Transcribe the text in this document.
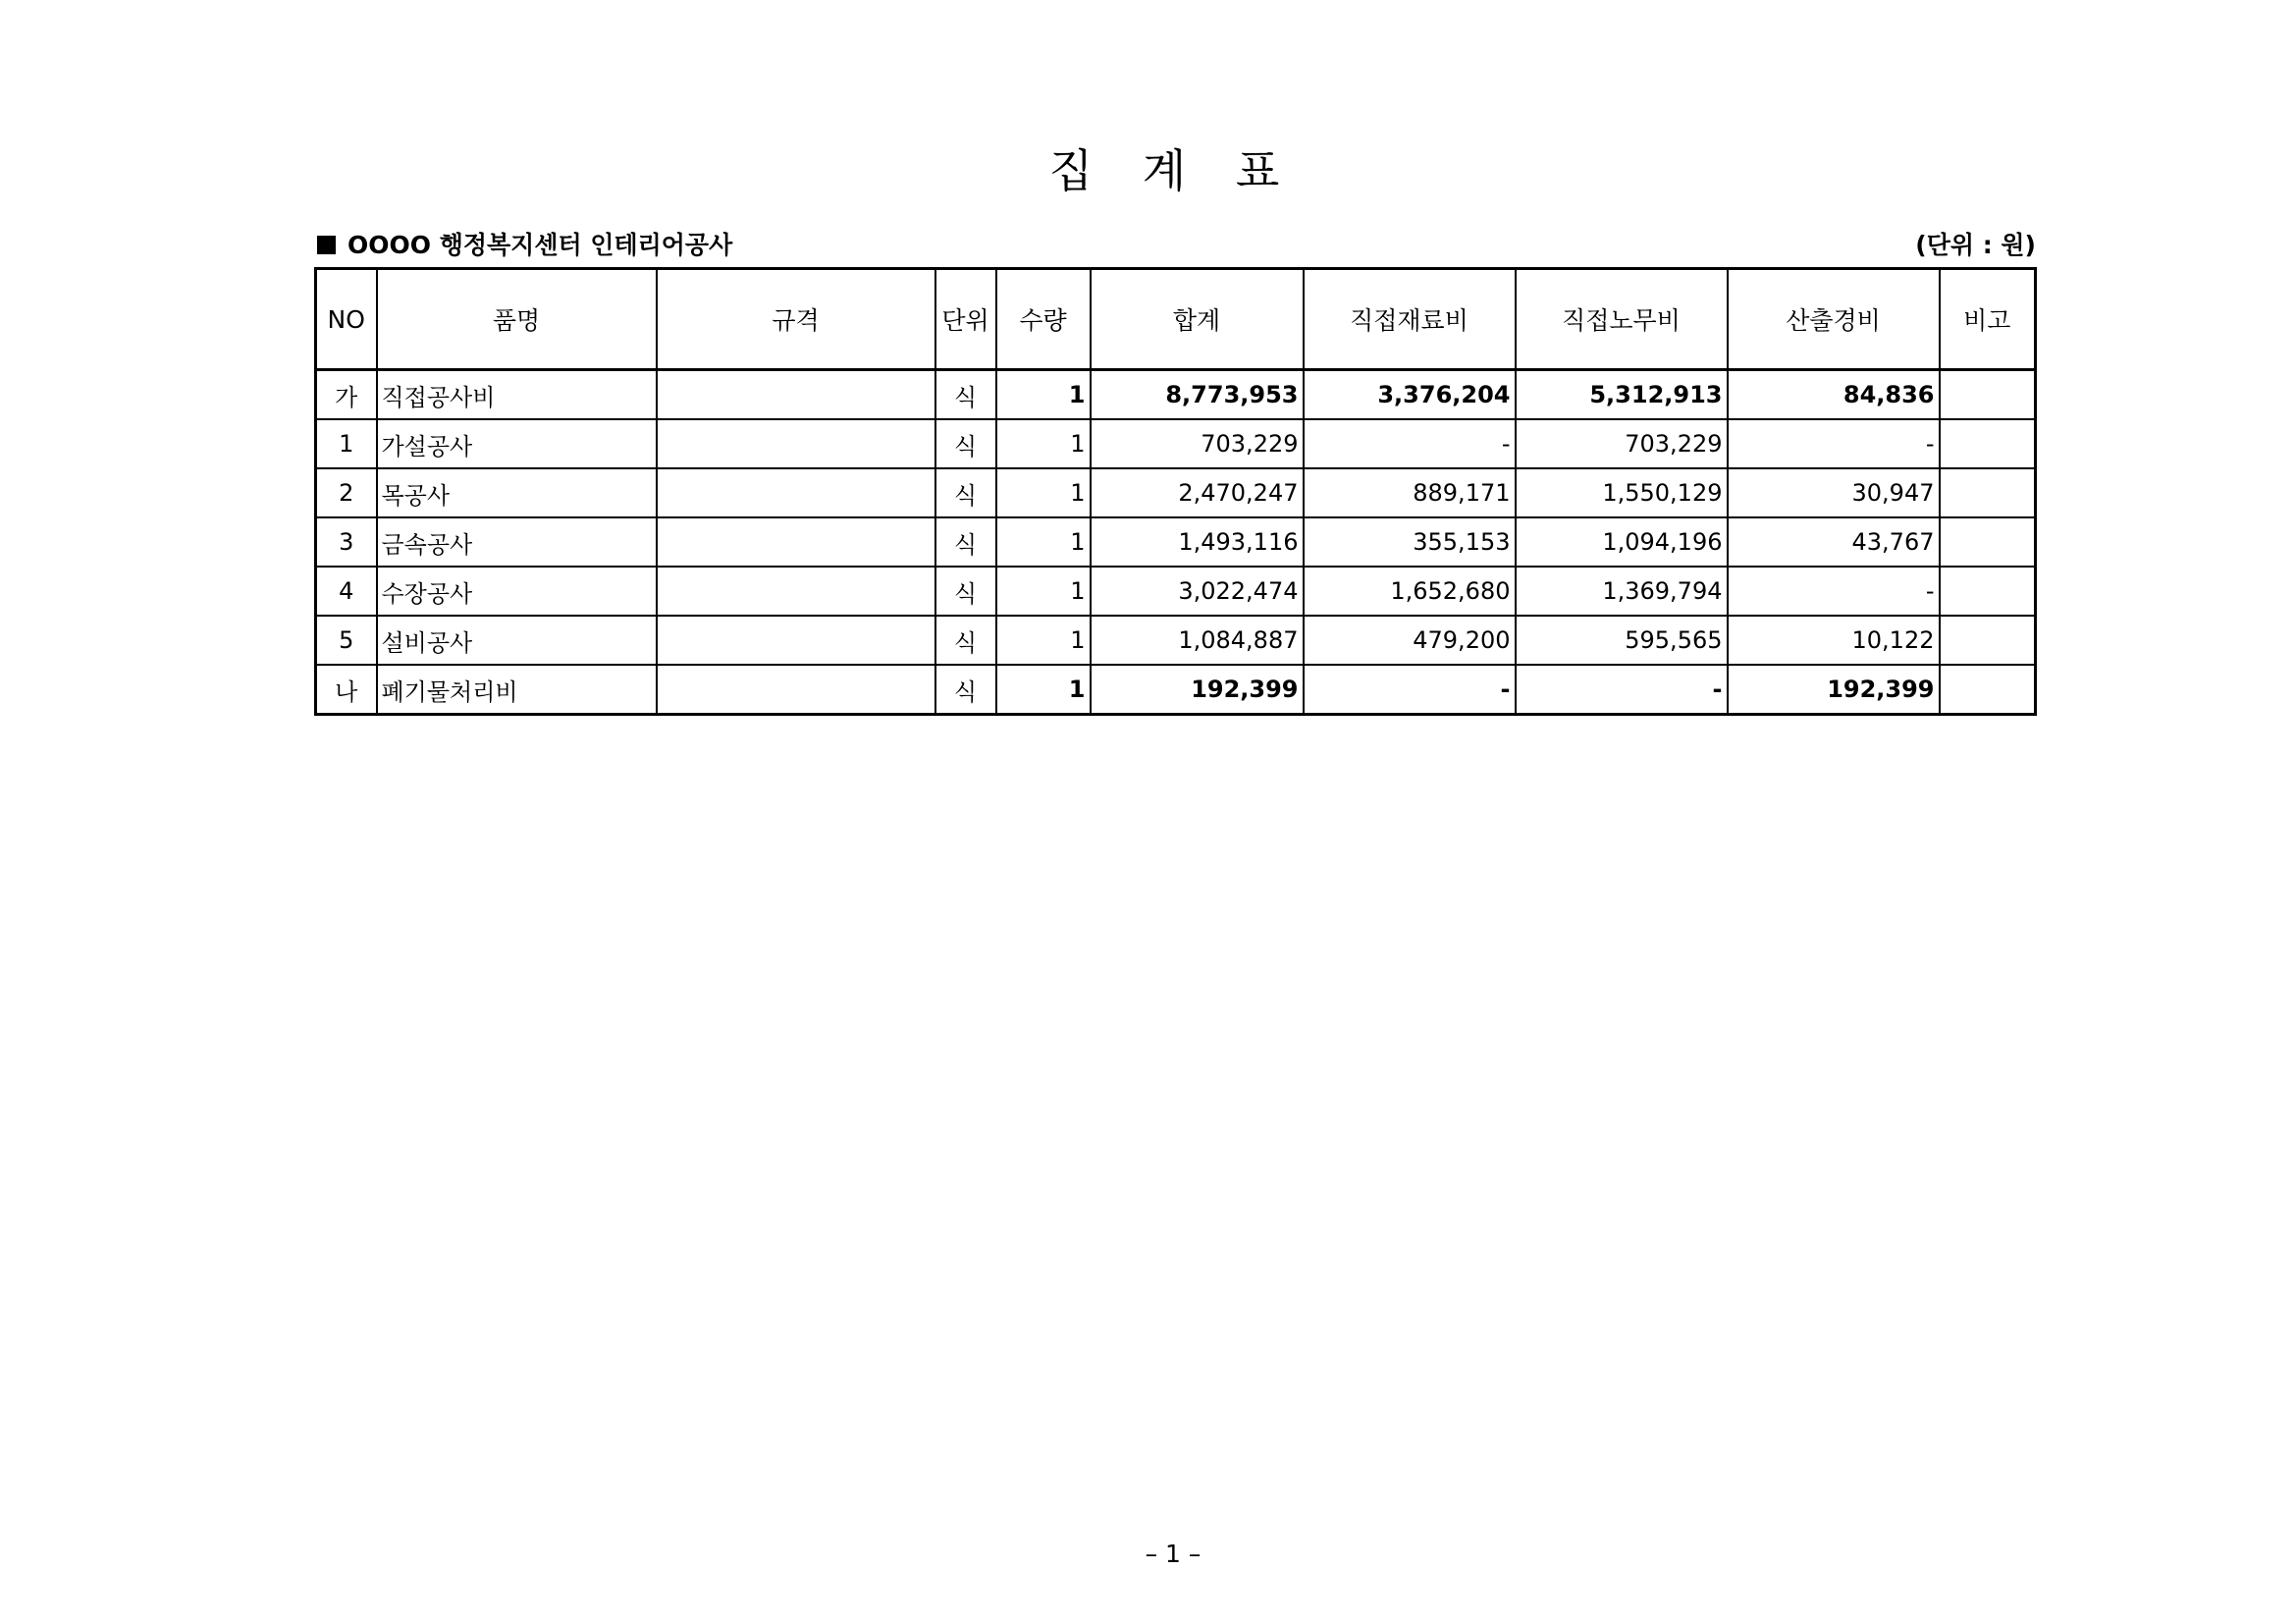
집 계 표
OOOO 행정복지센터 인테리어공사	(단위 : 원)
NO	품명	규격	단위	수량	합계	직접재료비	직접노무비	산출경비	비고
가	직접공사비		식	1	8,773,953	3,376,204	5,312,913	84,836	
1	가설공사		식	1	703,229	-	703,229	-	
2	목공사		식	1	2,470,247	889,171	1,550,129	30,947	
3	금속공사		식	1	1,493,116	355,153	1,094,196	43,767	
4	수장공사		식	1	3,022,474	1,652,680	1,369,794	-	
5	설비공사		식	1	1,084,887	479,200	595,565	10,122	
나	폐기물처리비		식	1	192,399	-	-	192,399	
– 1 –
